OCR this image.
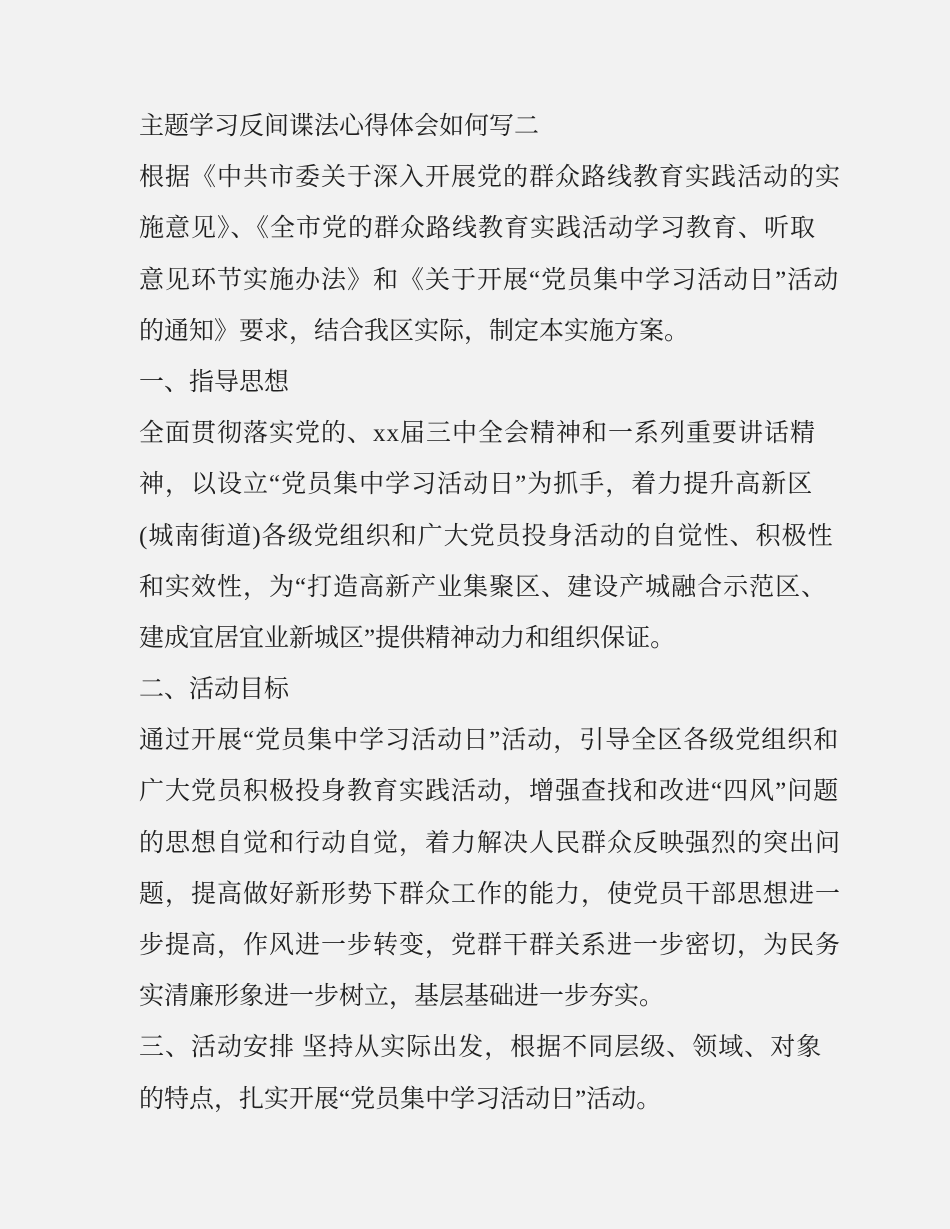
主题学习反间谍法心得体会如何写二
根据《中共市委关于深入开展党的群众路线教育实践活动的实
施意见》、《全市党的群众路线教育实践活动学习教育、听取
意见环节实施办法》和《关于开展“党员集中学习活动日”活动
的通知》要求，结合我区实际，制定本实施方案。
一、指导思想
全面贯彻落实党的、xx届三中全会精神和一系列重要讲话精
神，以设立“党员集中学习活动日”为抓手，着力提升高新区
(城南街道)各级党组织和广大党员投身活动的自觉性、积极性
和实效性，为“打造高新产业集聚区、建设产城融合示范区、
建成宜居宜业新城区”提供精神动力和组织保证。
二、活动目标
通过开展“党员集中学习活动日”活动，引导全区各级党组织和
广大党员积极投身教育实践活动，增强查找和改进“四风”问题
的思想自觉和行动自觉，着力解决人民群众反映强烈的突出问
题，提高做好新形势下群众工作的能力，使党员干部思想进一
步提高，作风进一步转变，党群干群关系进一步密切，为民务
实清廉形象进一步树立，基层基础进一步夯实。
三、活动安排 坚持从实际出发，根据不同层级、领域、对象
的特点，扎实开展“党员集中学习活动日”活动。
